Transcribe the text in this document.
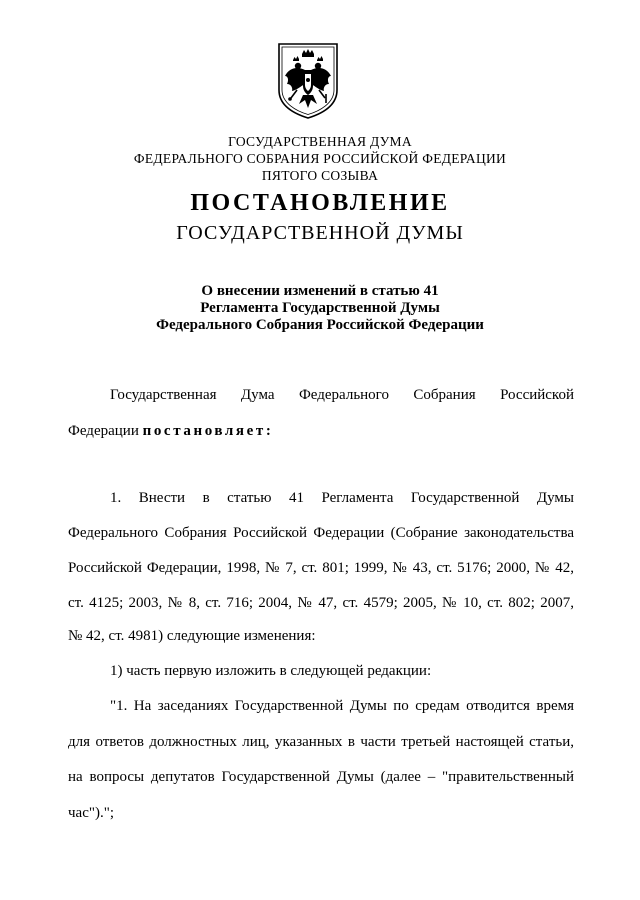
ГОСУДАРСТВЕННАЯ ДУМА
ФЕДЕРАЛЬНОГО СОБРАНИЯ РОССИЙСКОЙ ФЕДЕРАЦИИ
ПЯТОГО СОЗЫВА
ПОСТАНОВЛЕНИЕ
ГОСУДАРСТВЕННОЙ ДУМЫ
О внесении изменений в статью 41
Регламента Государственной Думы
Федерального Собрания Российской Федерации
Государственная Дума Федерального Собрания Российской
Федерации постановляет:
1. Внести в статью 41 Регламента Государственной Думы
Федерального Собрания Российской Федерации (Собрание законодательства
Российской Федерации, 1998, № 7, ст. 801; 1999, № 43, ст. 5176; 2000, № 42,
ст. 4125; 2003, № 8, ст. 716; 2004, № 47, ст. 4579; 2005, № 10, ст. 802; 2007,
№ 42, ст. 4981) следующие изменения:
1) часть первую изложить в следующей редакции:
"1. На заседаниях Государственной Думы по средам отводится время
для ответов должностных лиц, указанных в части третьей настоящей статьи,
на вопросы депутатов Государственной Думы (далее – "правительственный
час").";
